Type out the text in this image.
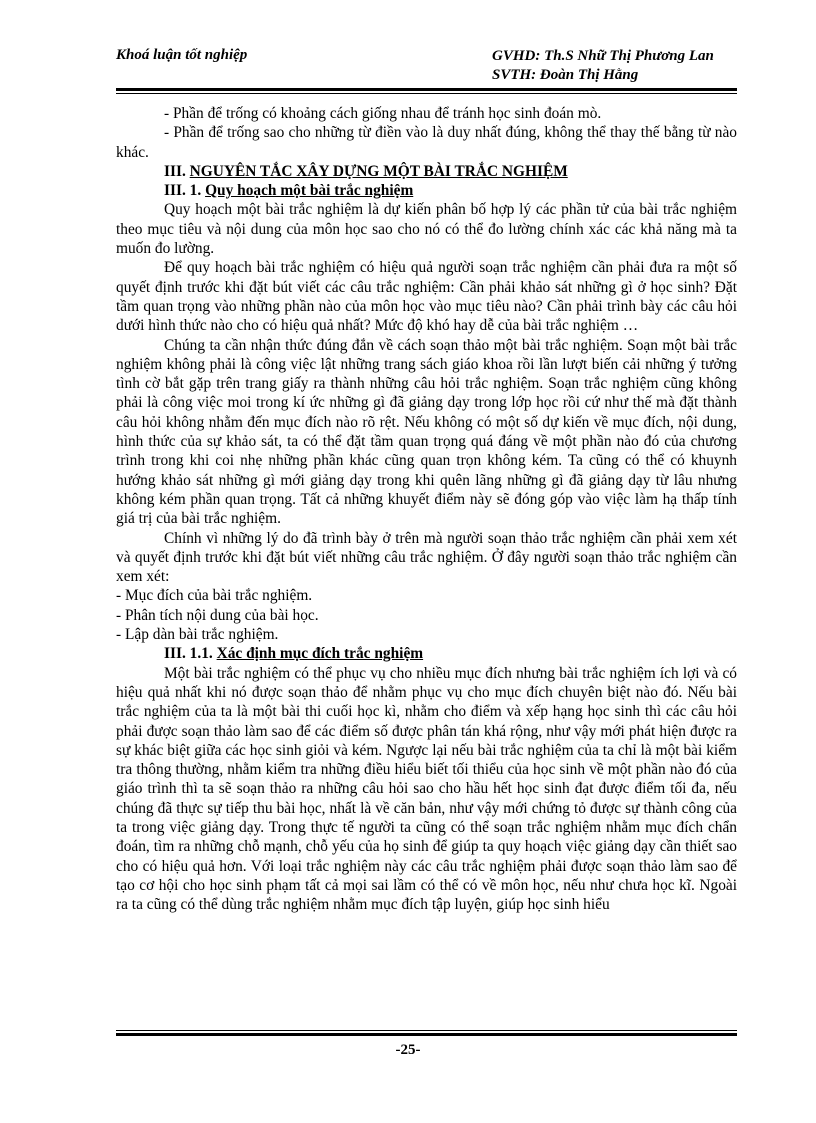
Khoá luận tốt nghiệp	GVHD: Th.S Nhữ Thị Phương Lan
SVTH: Đoàn Thị Hằng

- Phần để trống có khoảng cách giống nhau để tránh học sinh đoán mò.

- Phần để trống sao cho những từ điền vào là duy nhất đúng, không thể thay thế bằng từ nào khác.

III. NGUYÊN TẮC XÂY DỰNG MỘT BÀI TRẮC NGHIỆM

III. 1. Quy hoạch một bài trắc nghiệm

Quy hoạch một bài trắc nghiệm là dự kiến phân bố hợp lý các phần tử của bài trắc nghiệm theo mục tiêu và nội dung của môn học sao cho nó có thể đo lường chính xác các khả năng mà ta muốn đo lường.

Để quy hoạch bài trắc nghiệm có hiệu quả người soạn trắc nghiệm cần phải đưa ra một số quyết định trước khi đặt bút viết các câu trắc nghiệm: Cần phải khảo sát những gì ở học sinh? Đặt tầm quan trọng vào những phần nào của môn học vào mục tiêu nào? Cần phải trình bày các câu hỏi dưới hình thức nào cho có hiệu quả nhất? Mức độ khó hay dễ của bài trắc nghiệm …

Chúng ta cần nhận thức đúng đắn về cách soạn thảo một bài trắc nghiệm. Soạn một bài trắc nghiệm không phải là công việc lật những trang sách giáo khoa rồi lần lượt biến cải những ý tưởng tình cờ bắt gặp trên trang giấy ra thành những câu hỏi trắc nghiệm. Soạn trắc nghiệm cũng không phải là công việc moi trong kí ức những gì đã giảng dạy trong lớp học rồi cứ như thế mà đặt thành câu hỏi không nhằm đến mục đích nào rõ rệt. Nếu không có một số dự kiến về mục đích, nội dung, hình thức của sự khảo sát, ta có thể đặt tầm quan trọng quá đáng về một phần nào đó của chương trình trong khi coi nhẹ những phần khác cũng quan trọn không kém. Ta cũng có thể có khuynh hướng khảo sát những gì mới giảng dạy trong khi quên lãng những gì đã giảng dạy từ lâu nhưng không kém phần quan trọng. Tất cả những khuyết điểm này sẽ đóng góp vào việc làm hạ thấp tính giá trị của bài trắc nghiệm.

Chính vì những lý do đã trình bày ở trên mà người soạn thảo trắc nghiệm cần phải xem xét và quyết định trước khi đặt bút viết những câu trắc nghiệm. Ở đây người soạn thảo trắc nghiệm cần xem xét:

- Mục đích của bài trắc nghiệm.

- Phân tích nội dung của bài học.

- Lập dàn bài trắc nghiệm.

III. 1.1. Xác định mục đích trắc nghiệm

Một bài trắc nghiệm có thể phục vụ cho nhiều mục đích nhưng bài trắc nghiệm ích lợi và có hiệu quả nhất khi nó được soạn thảo để nhằm phục vụ cho mục đích chuyên biệt nào đó. Nếu bài trắc nghiệm của ta là một bài thi cuối học kì, nhằm cho điểm và xếp hạng học sinh thì các câu hỏi phải được soạn thảo làm sao để các điểm số được phân tán khá rộng, như vậy mới phát hiện được ra sự khác biệt giữa các học sinh giỏi và kém. Ngược lại nếu bài trắc nghiệm của ta chỉ là một bài kiểm tra thông thường, nhằm kiểm tra những điều hiểu biết tối thiểu của học sinh về một phần nào đó của giáo trình thì ta sẽ soạn thảo ra những câu hỏi sao cho hầu hết học sinh đạt được điểm tối đa, nếu chúng đã thực sự tiếp thu bài học, nhất là về căn bản, như vậy mới chứng tỏ được sự thành công của ta trong việc giảng dạy. Trong thực tế người ta cũng có thể soạn trắc nghiệm nhằm mục đích chẩn đoán, tìm ra những chỗ mạnh, chỗ yếu của họ sinh để giúp ta quy hoạch việc giảng dạy cần thiết sao cho có hiệu quả hơn. Với loại trắc nghiệm này các câu trắc nghiệm phải được soạn thảo làm sao để tạo cơ hội cho học sinh phạm tất cả mọi sai lầm có thể có về môn học, nếu như chưa học kĩ. Ngoài ra ta cũng có thể dùng trắc nghiệm nhằm mục đích tập luyện, giúp học sinh hiểu

-25-
